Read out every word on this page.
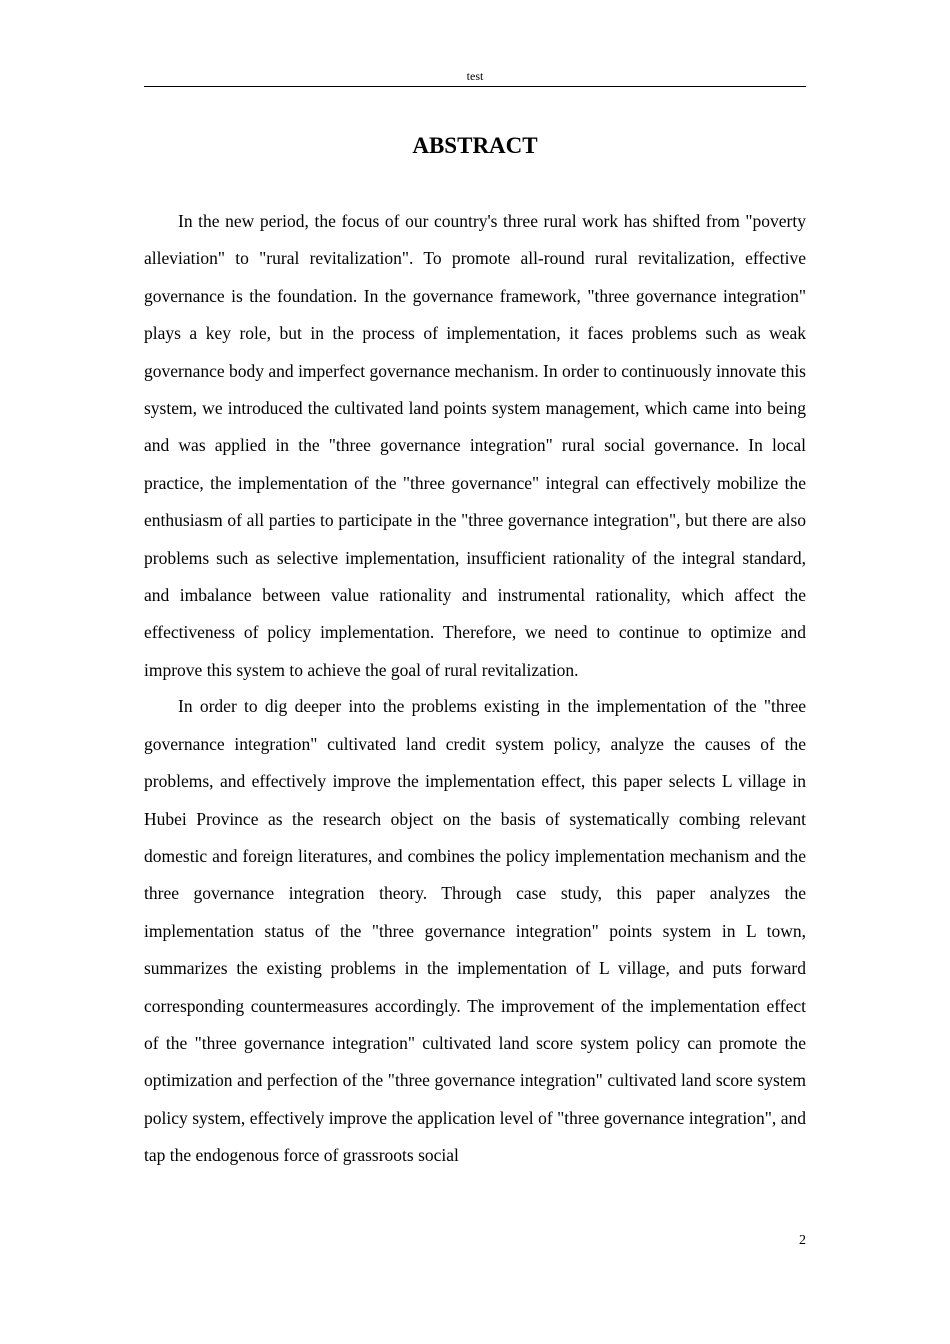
test
ABSTRACT

In the new period, the focus of our country's three rural work has shifted from "poverty alleviation" to "rural revitalization". To promote all-round rural revitalization, effective governance is the foundation. In the governance framework, "three governance integration" plays a key role, but in the process of implementation, it faces problems such as weak governance body and imperfect governance mechanism. In order to continuously innovate this system, we introduced the cultivated land points system management, which came into being and was applied in the "three governance integration" rural social governance. In local practice, the implementation of the "three governance" integral can effectively mobilize the enthusiasm of all parties to participate in the "three governance integration", but there are also problems such as selective implementation, insufficient rationality of the integral standard, and imbalance between value rationality and instrumental rationality, which affect the effectiveness of policy implementation. Therefore, we need to continue to optimize and improve this system to achieve the goal of rural revitalization.

In order to dig deeper into the problems existing in the implementation of the "three governance integration" cultivated land credit system policy, analyze the causes of the problems, and effectively improve the implementation effect, this paper selects L village in Hubei Province as the research object on the basis of systematically combing relevant domestic and foreign literatures, and combines the policy implementation mechanism and the three governance integration theory. Through case study, this paper analyzes the implementation status of the "three governance integration" points system in L town, summarizes the existing problems in the implementation of L village, and puts forward corresponding countermeasures accordingly. The improvement of the implementation effect of the "three governance integration" cultivated land score system policy can promote the optimization and perfection of the "three governance integration" cultivated land score system policy system, effectively improve the application level of "three governance integration", and tap the endogenous force of grassroots social

2
